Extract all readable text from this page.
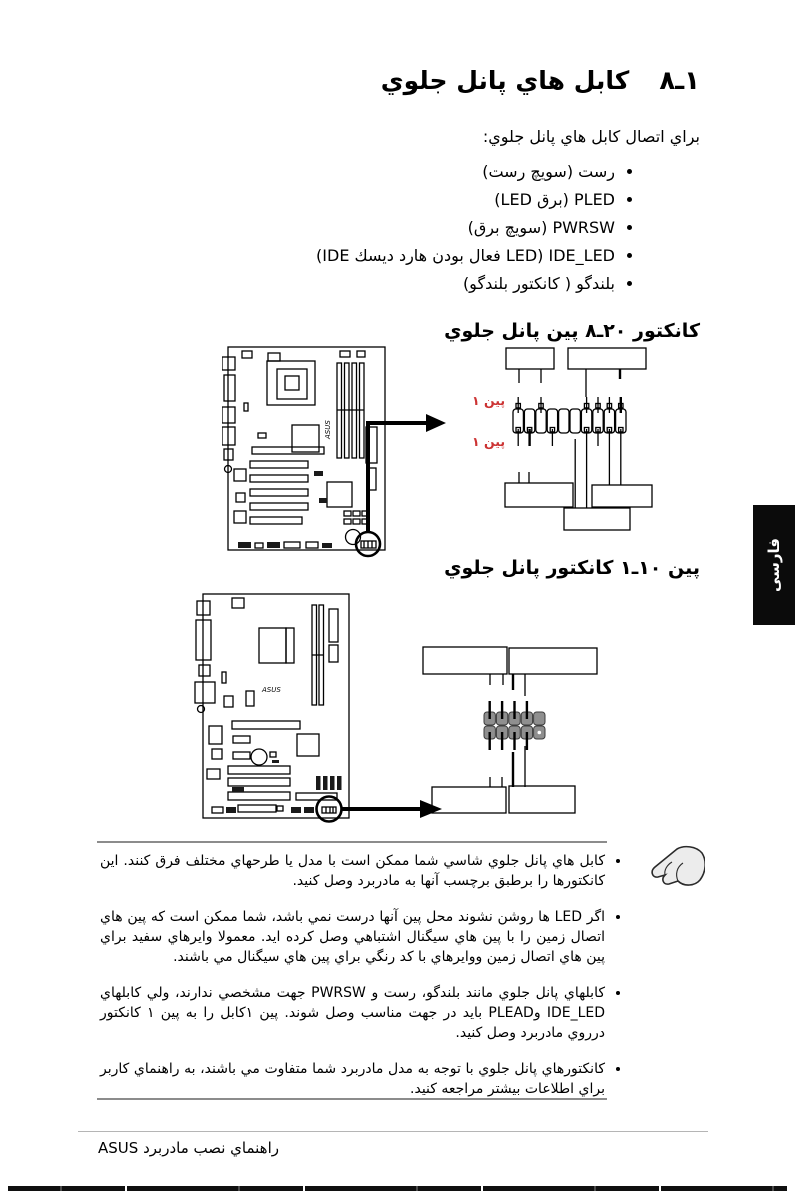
١ـ٨
كابل هاي پانل جلوي
براي اتصال كابل هاي پانل جلوي:
• رست (سويچ رست)
• PLED (برق LED)
• PWRSW (سويچ برق)
• IDE_LED (LED فعال بودن هارد ديسك IDE)
• بلندگو ( كانكتور بلندگو)
كانكتور ٢٠ـ٨ پين پانل جلوي
ASUS
پين ١
پين ١
فارسی
پين ١٠ـ١ كانكتور پانل جلوي
ASUS
• كابل هاي پانل جلوي شاسي شما ممكن است با مدل يا طرحهاي مختلف فرق كنند. اين كانكتورها را برطبق برچسب آنها به مادربرد وصل كنيد.
• اگر LED ها روشن نشوند محل پين آنها درست نمي باشد، شما ممكن است كه پين هاي اتصال زمين را با پين هاي سيگنال اشتباهي وصل كرده ايد. معمولا وايرهاي سفيد براي پين هاي اتصال زمين ووايرهاي با كد رنگي براي پين هاي سيگنال مي باشند.
• كابلهاي پانل جلوي مانند بلندگو، رست و PWRSW جهت مشخصي ندارند، ولي كابلهاي IDE_LED وPLEAD بايد در جهت مناسب وصل شوند. پين ١كابل را به پين ١ كانكتور درروي مادربرد وصل كنيد.
• كانكتورهاي پانل جلوي با توجه به مدل مادربرد شما متفاوت مي باشند، به راهنماي كاربر براي اطلاعات بيشتر مراجعه كنيد.
راهنماي نصب مادربرد ASUS
